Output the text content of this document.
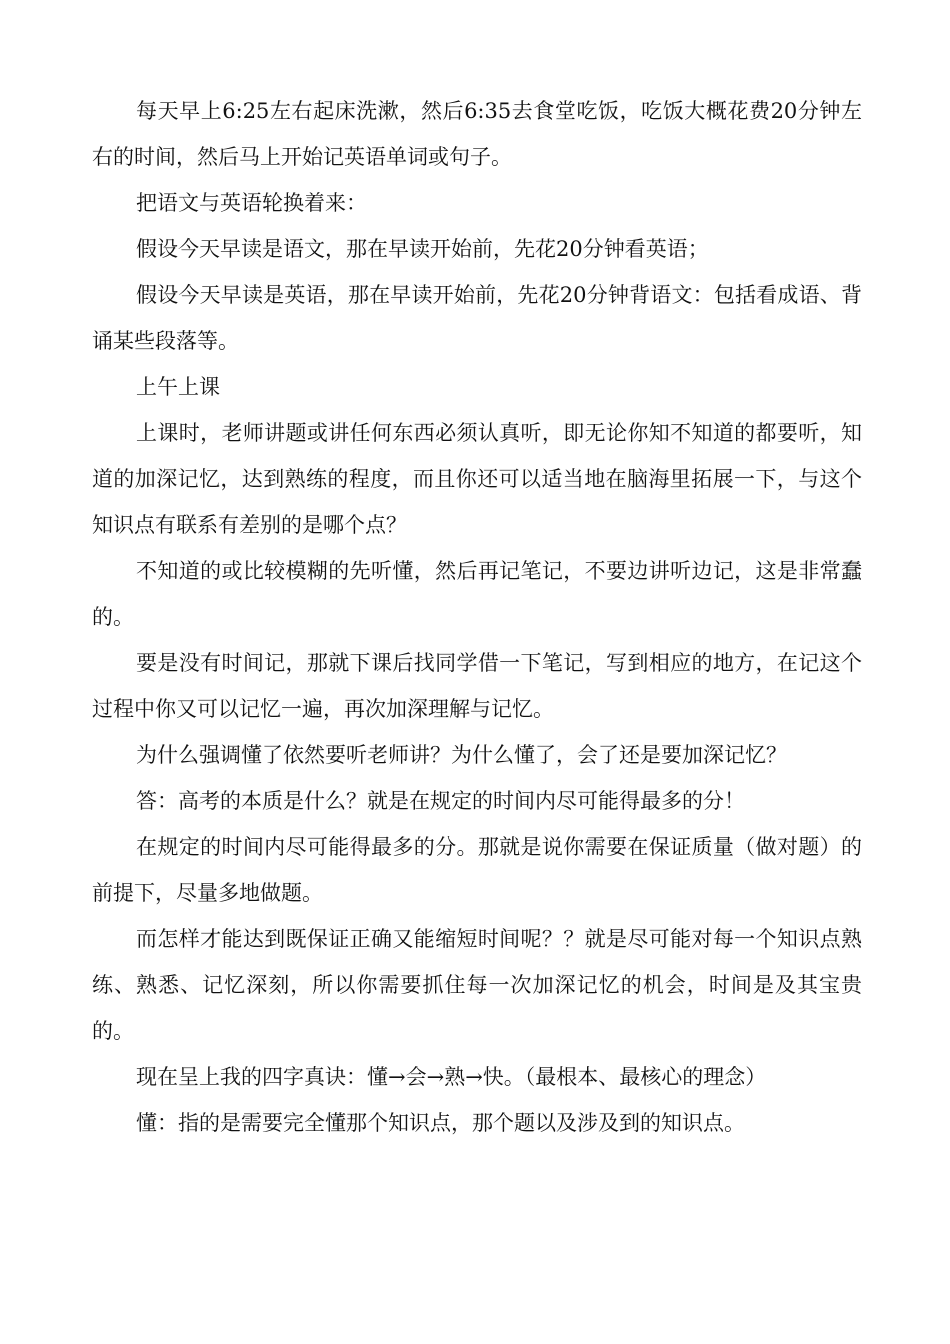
每天早上6:25左右起床洗漱，然后6:35去食堂吃饭，吃饭大概花费20分钟左右的时间，然后马上开始记英语单词或句子。

把语文与英语轮换着来：

假设今天早读是语文，那在早读开始前，先花20分钟看英语；

假设今天早读是英语，那在早读开始前，先花20分钟背语文：包括看成语、背诵某些段落等。

上午上课

上课时，老师讲题或讲任何东西必须认真听，即无论你知不知道的都要听，知道的加深记忆，达到熟练的程度，而且你还可以适当地在脑海里拓展一下，与这个知识点有联系有差别的是哪个点？

不知道的或比较模糊的先听懂，然后再记笔记，不要边讲听边记，这是非常蠢的。

要是没有时间记，那就下课后找同学借一下笔记，写到相应的地方，在记这个过程中你又可以记忆一遍，再次加深理解与记忆。

为什么强调懂了依然要听老师讲？为什么懂了，会了还是要加深记忆？

答：高考的本质是什么？就是在规定的时间内尽可能得最多的分！

在规定的时间内尽可能得最多的分。那就是说你需要在保证质量（做对题）的前提下，尽量多地做题。

而怎样才能达到既保证正确又能缩短时间呢？？就是尽可能对每一个知识点熟练、熟悉、记忆深刻，所以你需要抓住每一次加深记忆的机会，时间是及其宝贵的。

现在呈上我的四字真诀：懂→会→熟→快。（最根本、最核心的理念）

懂：指的是需要完全懂那个知识点，那个题以及涉及到的知识点。
